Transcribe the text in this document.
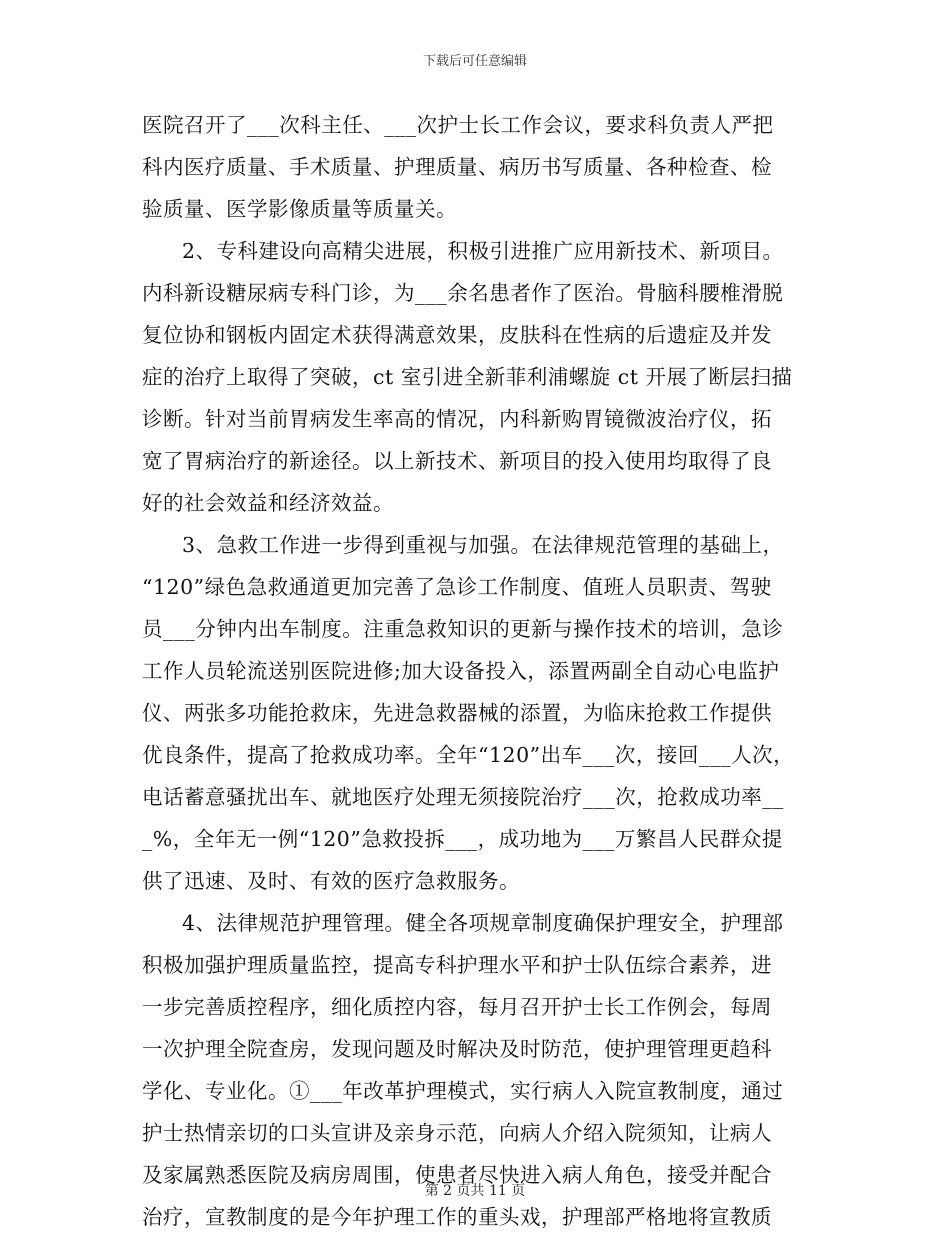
下载后可任意编辑
医院召开了___次科主任、___次护士长工作会议，要求科负责人严把
科内医疗质量、手术质量、护理质量、病历书写质量、各种检查、检
验质量、医学影像质量等质量关。
2、专科建设向高精尖进展，积极引进推广应用新技术、新项目。
内科新设糖尿病专科门诊，为___余名患者作了医治。骨脑科腰椎滑脱
复位协和钢板内固定术获得满意效果，皮肤科在性病的后遗症及并发
症的治疗上取得了突破，ct 室引进全新菲利浦螺旋 ct 开展了断层扫描
诊断。针对当前胃病发生率高的情况，内科新购胃镜微波治疗仪，拓
宽了胃病治疗的新途径。以上新技术、新项目的投入使用均取得了良
好的社会效益和经济效益。
3、急救工作进一步得到重视与加强。在法律规范管理的基础上，
“120”绿色急救通道更加完善了急诊工作制度、值班人员职责、驾驶
员___分钟内出车制度。注重急救知识的更新与操作技术的培训，急诊
工作人员轮流送别医院进修;加大设备投入，添置两副全自动心电监护
仪、两张多功能抢救床，先进急救器械的添置，为临床抢救工作提供
优良条件，提高了抢救成功率。全年“120”出车___次，接回___人次，
电话蓄意骚扰出车、就地医疗处理无须接院治疗___次，抢救成功率__
_%，全年无一例“120”急救投拆___，成功地为___万繁昌人民群众提
供了迅速、及时、有效的医疗急救服务。
4、法律规范护理管理。健全各项规章制度确保护理安全，护理部
积极加强护理质量监控，提高专科护理水平和护士队伍综合素养，进
一步完善质控程序，细化质控内容，每月召开护士长工作例会，每周
一次护理全院查房，发现问题及时解决及时防范，使护理管理更趋科
学化、专业化。①___年改革护理模式，实行病人入院宣教制度，通过
护士热情亲切的口头宣讲及亲身示范，向病人介绍入院须知，让病人
及家属熟悉医院及病房周围，使患者尽快进入病人角色，接受并配合
治疗，宣教制度的是今年护理工作的重头戏，护理部严格地将宣教质
第 2 页共 11 页
